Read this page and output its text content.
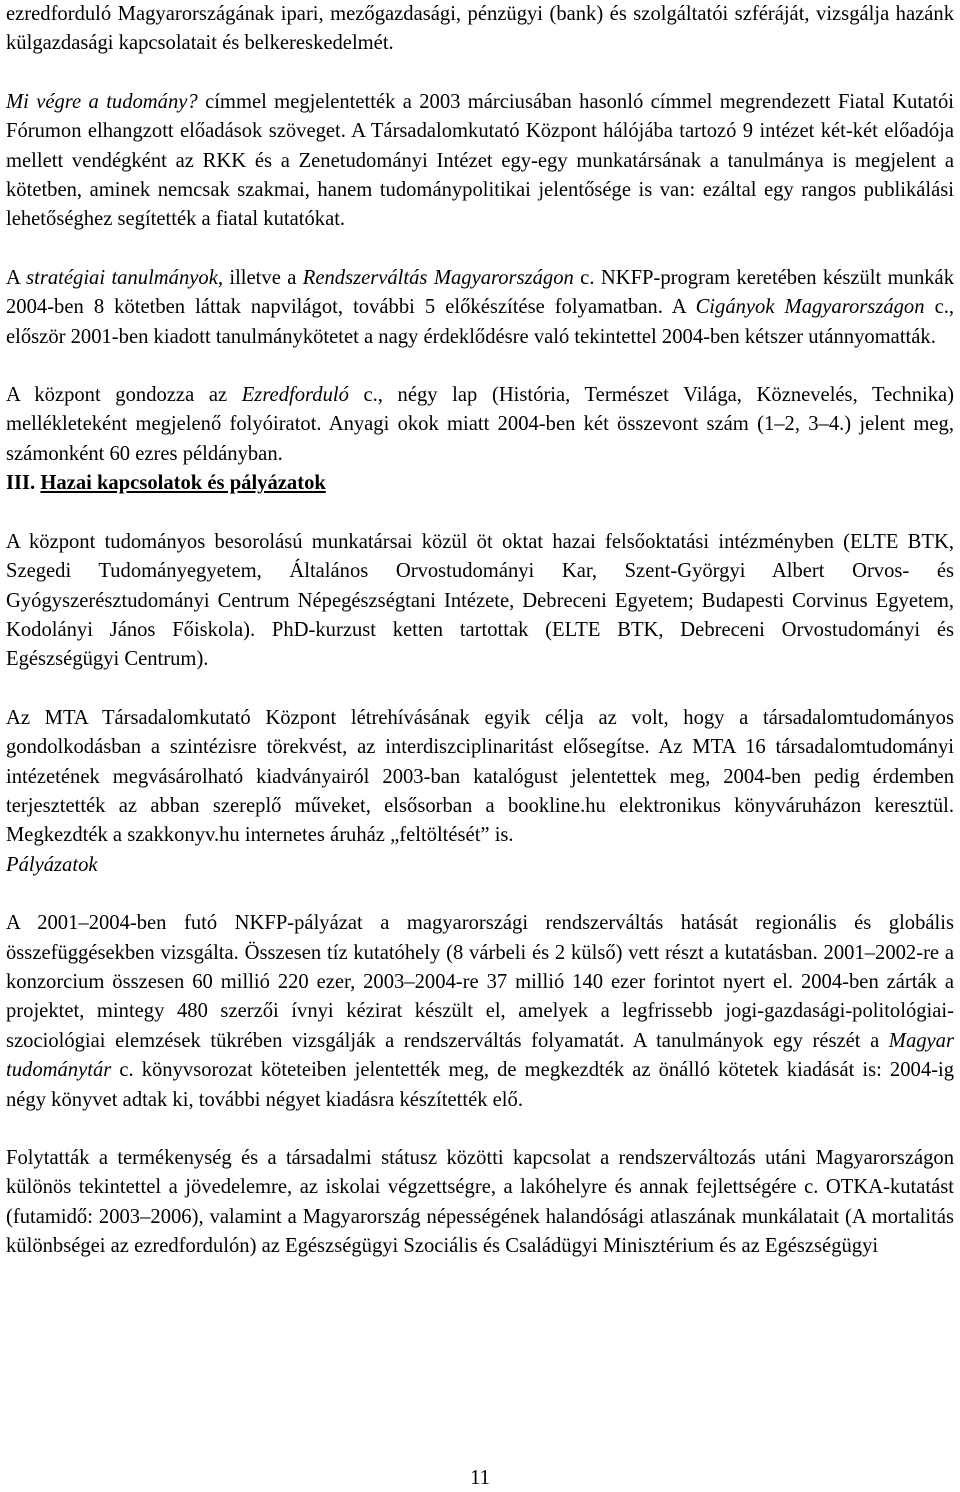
ezredforduló Magyarországának ipari, mezőgazdasági, pénzügyi (bank) és szolgáltatói szféráját, vizsgálja hazánk külgazdasági kapcsolatait és belkereskedelmét.

Mi végre a tudomány? címmel megjelentették a 2003 márciusában hasonló címmel megrendezett Fiatal Kutatói Fórumon elhangzott előadások szöveget. A Társadalomkutató Központ hálójába tartozó 9 intézet két-két előadója mellett vendégként az RKK és a Zenetudományi Intézet egy-egy munkatársának a tanulmánya is megjelent a kötetben, aminek nemcsak szakmai, hanem tudománypolitikai jelentősége is van: ezáltal egy rangos publikálási lehetőséghez segítették a fiatal kutatókat.

A stratégiai tanulmányok, illetve a Rendszerváltás Magyarországon c. NKFP-program keretében készült munkák 2004-ben 8 kötetben láttak napvilágot, további 5 előkészítése folyamatban. A Cigányok Magyarországon c., először 2001-ben kiadott tanulmánykötetet a nagy érdeklődésre való tekintettel 2004-ben kétszer utánnyomatták.

A központ gondozza az Ezredforduló c., négy lap (História, Természet Világa, Köznevelés, Technika) mellékleteként megjelenő folyóiratot. Anyagi okok miatt 2004-ben két összevont szám (1–2, 3–4.) jelent meg, számonként 60 ezres példányban.

III. Hazai kapcsolatok és pályázatok

A központ tudományos besorolású munkatársai közül öt oktat hazai felsőoktatási intézményben (ELTE BTK, Szegedi Tudományegyetem, Általános Orvostudományi Kar, Szent-Györgyi Albert Orvos- és Gyógyszerésztudományi Centrum Népegészségtani Intézete, Debreceni Egyetem; Budapesti Corvinus Egyetem, Kodolányi János Főiskola). PhD-kurzust ketten tartottak (ELTE BTK, Debreceni Orvostudományi és Egészségügyi Centrum).

Az MTA Társadalomkutató Központ létrehívásának egyik célja az volt, hogy a társadalomtudományos gondolkodásban a szintézisre törekvést, az interdiszciplinaritást elősegítse. Az MTA 16 társadalomtudományi intézetének megvásárolható kiadványairól 2003-ban katalógust jelentettek meg, 2004-ben pedig érdemben terjesztették az abban szereplő műveket, elsősorban a bookline.hu elektronikus könyváruházon keresztül. Megkezdték a szakkonyv.hu internetes áruház „feltöltését” is.

Pályázatok

A 2001–2004-ben futó NKFP-pályázat a magyarországi rendszerváltás hatását regionális és globális összefüggésekben vizsgálta. Összesen tíz kutatóhely (8 várbeli és 2 külső) vett részt a kutatásban. 2001–2002-re a konzorcium összesen 60 millió 220 ezer, 2003–2004-re 37 millió 140 ezer forintot nyert el. 2004-ben zárták a projektet, mintegy 480 szerzői ívnyi kézirat készült el, amelyek a legfrissebb jogi-gazdasági-politológiai-szociológiai elemzések tükrében vizsgálják a rendszerváltás folyamatát. A tanulmányok egy részét a Magyar tudománytár c. könyvsorozat köteteiben jelentették meg, de megkezdték az önálló kötetek kiadását is: 2004-ig négy könyvet adtak ki, további négyet kiadásra készítették elő.

Folytatták a termékenység és a társadalmi státusz közötti kapcsolat a rendszerváltozás utáni Magyarországon különös tekintettel a jövedelemre, az iskolai végzettségre, a lakóhelyre és annak fejlettségére c. OTKA-kutatást (futamidő: 2003–2006), valamint a Magyarország népességének halandósági atlaszának munkálatait (A mortalitás különbségei az ezredfordulón) az Egészségügyi Szociális és Családügyi Minisztérium és az Egészségügyi

11
